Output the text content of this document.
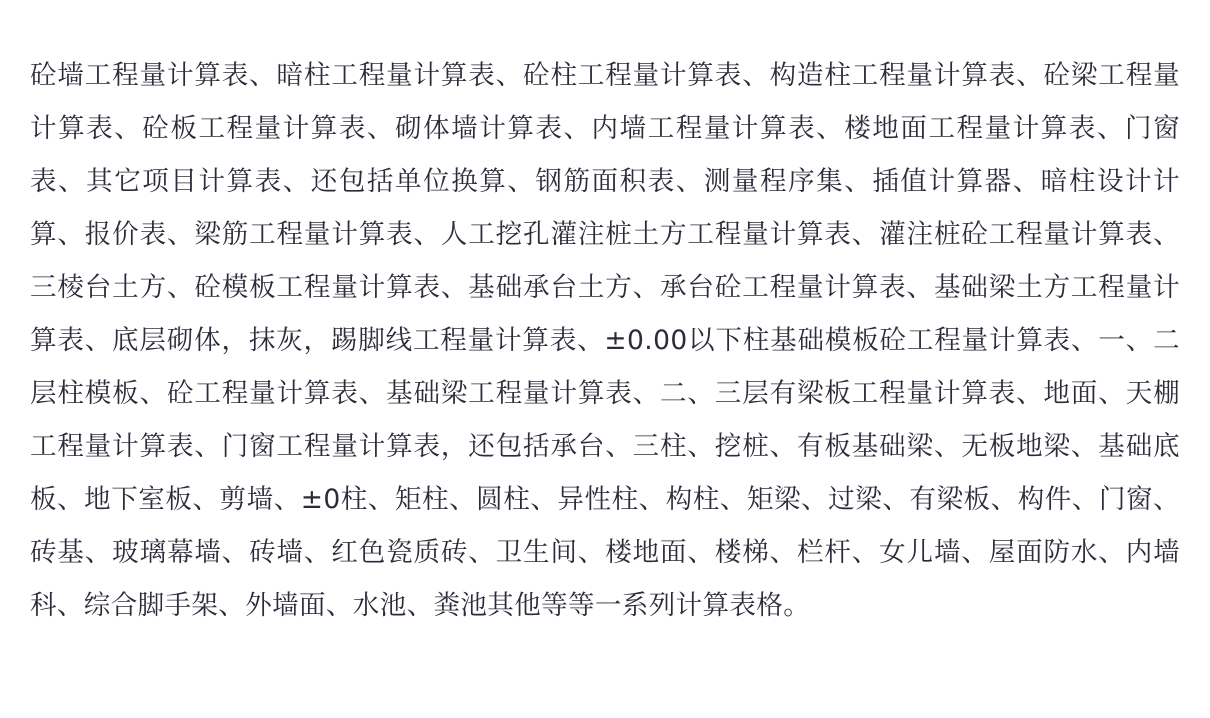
砼墙工程量计算表、暗柱工程量计算表、砼柱工程量计算表、构造柱工程量计算表、砼梁工程量计算表、砼板工程量计算表、砌体墙计算表、内墙工程量计算表、楼地面工程量计算表、门窗表、其它项目计算表、还包括单位换算、钢筋面积表、测量程序集、插值计算器、暗柱设计计算、报价表、梁筋工程量计算表、人工挖孔灌注桩土方工程量计算表、灌注桩砼工程量计算表、三棱台土方、砼模板工程量计算表、基础承台土方、承台砼工程量计算表、基础梁土方工程量计算表、底层砌体，抹灰，踢脚线工程量计算表、±0.00以下柱基础模板砼工程量计算表、一、二层柱模板、砼工程量计算表、基础梁工程量计算表、二、三层有梁板工程量计算表、地面、天棚工程量计算表、门窗工程量计算表，还包括承台、三柱、挖桩、有板基础梁、无板地梁、基础底板、地下室板、剪墙、±0柱、矩柱、圆柱、异性柱、构柱、矩梁、过梁、有梁板、构件、门窗、砖基、玻璃幕墙、砖墙、红色瓷质砖、卫生间、楼地面、楼梯、栏杆、女儿墙、屋面防水、内墙科、综合脚手架、外墙面、水池、粪池其他等等一系列计算表格。
